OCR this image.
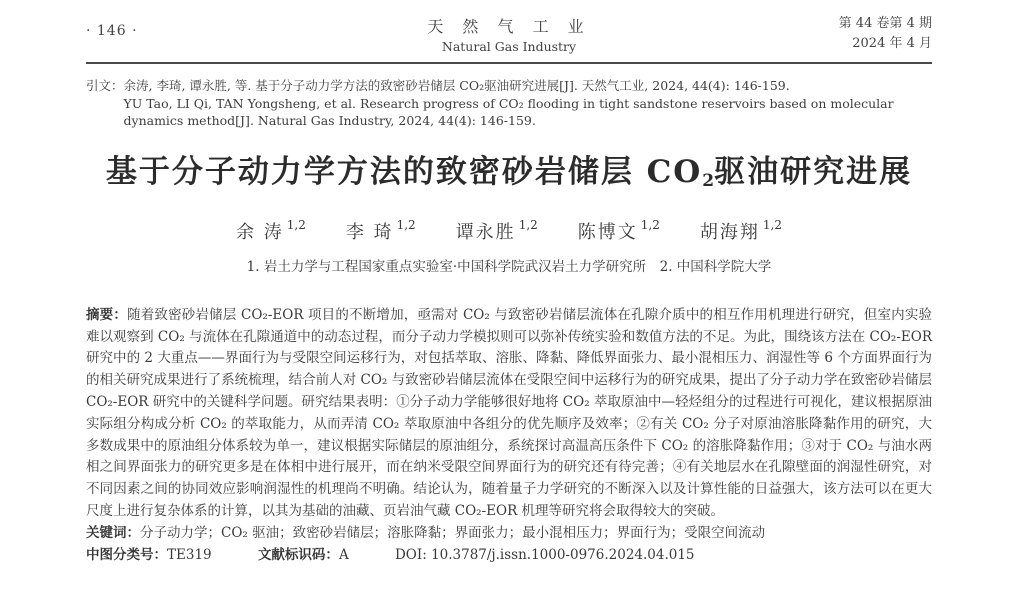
· 146 ·	天 然 气 工 业
Natural Gas Industry
第 44 卷第 4 期
2024 年 4 月
引文： 余涛, 李琦, 谭永胜, 等. 基于分子动力学方法的致密砂岩储层 CO₂驱油研究进展[J]. 天然气工业, 2024, 44(4): 146-159.
YU Tao, LI Qi, TAN Yongsheng, et al. Research progress of CO₂ flooding in tight sandstone reservoirs based on molecular dynamics method[J]. Natural Gas Industry, 2024, 44(4): 146-159.
基于分子动力学方法的致密砂岩储层 $CO_2$驱油研究进展
余 涛 $^{1,2}$ 李 琦 $^{1,2}$ 谭永胜 $^{1,2}$ 陈博文 $^{1,2}$ 胡海翔 $^{1,2}$
1. 岩土力学与工程国家重点实验室·中国科学院武汉岩土力学研究所　2. 中国科学院大学
摘要：随着致密砂岩储层 CO₂-EOR 项目的不断增加，亟需对 CO₂ 与致密砂岩储层流体在孔隙介质中的相互作用机理进行研究，但室内实验难以观察到 CO₂ 与流体在孔隙通道中的动态过程，而分子动力学模拟则可以弥补传统实验和数值方法的不足。为此，围绕该方法在 CO₂-EOR 研究中的 2 大重点——界面行为与受限空间运移行为，对包括萃取、溶胀、降黏、降低界面张力、最小混相压力、润湿性等 6 个方面界面行为的相关研究成果进行了系统梳理，结合前人对 CO₂ 与致密砂岩储层流体在受限空间中运移行为的研究成果，提出了分子动力学在致密砂岩储层 CO₂-EOR 研究中的关键科学问题。研究结果表明：①分子动力学能够很好地将 CO₂ 萃取原油中—轻烃组分的过程进行可视化，建议根据原油实际组分构成分析 CO₂ 的萃取能力，从而弄清 CO₂ 萃取原油中各组分的优先顺序及效率；②有关 CO₂ 分子对原油溶胀降黏作用的研究，大多数成果中的原油组分体系较为单一，建议根据实际储层的原油组分，系统探讨高温高压条件下 CO₂ 的溶胀降黏作用；③对于 CO₂ 与油水两相之间界面张力的研究更多是在体相中进行展开，而在纳米受限空间界面行为的研究还有待完善；④有关地层水在孔隙壁面的润湿性研究，对不同因素之间的协同效应影响润湿性的机理尚不明确。结论认为，随着量子力学研究的不断深入以及计算性能的日益强大，该方法可以在更大尺度上进行复杂体系的计算，以其为基础的油藏、页岩油气藏 CO₂-EOR 机理等研究将会取得较大的突破。
关键词：分子动力学；CO₂ 驱油；致密砂岩储层；溶胀降黏；界面张力；最小混相压力；界面行为；受限空间流动
中图分类号：TE319	文献标识码：A	DOI: 10.3787/j.issn.1000-0976.2024.04.015
